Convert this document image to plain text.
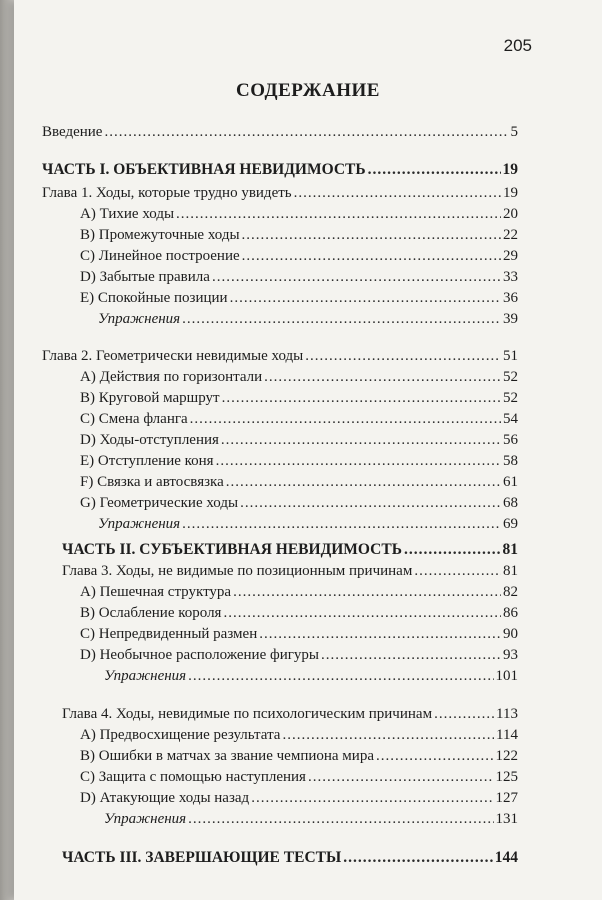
205
СОДЕРЖАНИЕ
Введение .....	5
ЧАСТЬ I. ОБЪЕКТИВНАЯ НЕВИДИМОСТЬ .....	19
Глава 1. Ходы, которые трудно увидеть .....	19
A) Тихие ходы .....	20
B) Промежуточные ходы .....	22
C) Линейное построение .....	29
D) Забытые правила .....	33
E) Спокойные позиции .....	36
Упражнения .....	39
Глава 2. Геометрически невидимые ходы .....	51
A) Действия по горизонтали .....	52
B) Круговой маршрут .....	52
C) Смена фланга .....	54
D) Ходы-отступления .....	56
E) Отступление коня .....	58
F) Связка и автосвязка .....	61
G) Геометрические ходы .....	68
Упражнения .....	69
ЧАСТЬ II. СУБЪЕКТИВНАЯ НЕВИДИМОСТЬ .....	81
Глава 3. Ходы, не видимые по позиционным причинам .....	81
A) Пешечная структура .....	82
B) Ослабление короля .....	86
C) Непредвиденный размен .....	90
D) Необычное расположение фигуры .....	93
Упражнения .....	101
Глава 4. Ходы, невидимые по психологическим причинам .....	113
A) Предвосхищение результата .....	114
B) Ошибки в матчах за звание чемпиона мира .....	122
C) Защита с помощью наступления .....	125
D) Атакующие ходы назад .....	127
Упражнения .....	131
ЧАСТЬ III. ЗАВЕРШАЮЩИЕ ТЕСТЫ .....	144
